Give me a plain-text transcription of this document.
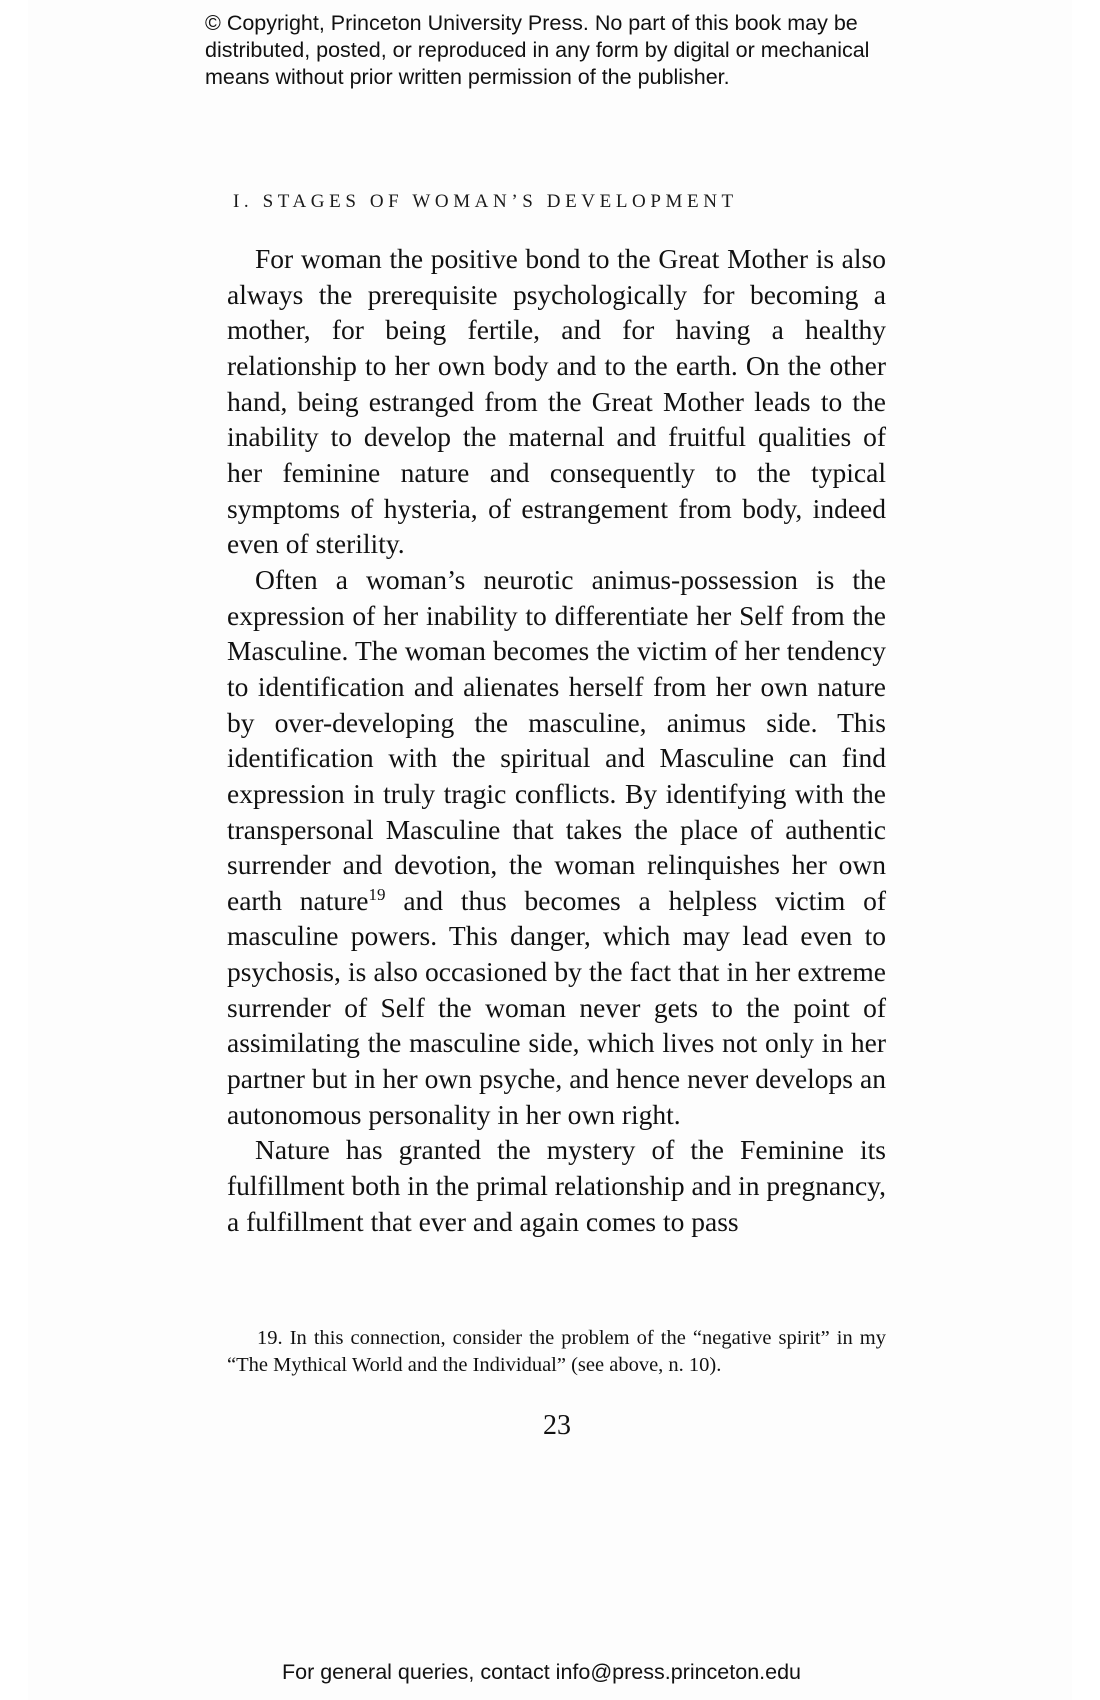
© Copyright, Princeton University Press. No part of this book may be
distributed, posted, or reproduced in any form by digital or mechanical
means without prior written permission of the publisher.
I. STAGES OF WOMAN’S DEVELOPMENT

For woman the positive bond to the Great Mother is also always the prerequisite psychologically for becoming a mother, for being fertile, and for having a healthy relationship to her own body and to the earth. On the other hand, being estranged from the Great Mother leads to the inability to develop the maternal and fruitful qualities of her feminine nature and consequently to the typical symptoms of hysteria, of estrangement from body, indeed even of sterility.

Often a woman’s neurotic animus-possession is the expression of her inability to differentiate her Self from the Masculine. The woman becomes the victim of her tendency to identification and alienates herself from her own nature by over-developing the masculine, animus side. This identification with the spiritual and Masculine can find expression in truly tragic conflicts. By identifying with the transpersonal Masculine that takes the place of authentic surrender and devotion, the woman relinquishes her own earth nature$^{19}$ and thus becomes a helpless victim of masculine powers. This danger, which may lead even to psychosis, is also occasioned by the fact that in her extreme surrender of Self the woman never gets to the point of assimilating the masculine side, which lives not only in her partner but in her own psyche, and hence never develops an autonomous personality in her own right.

Nature has granted the mystery of the Feminine its fulfillment both in the primal relationship and in pregnancy, a fulfillment that ever and again comes to pass

19. In this connection, consider the problem of the “negative spirit” in my “The Mythical World and the Individual” (see above, n. 10).
23
For general queries, contact info@press.princeton.edu
